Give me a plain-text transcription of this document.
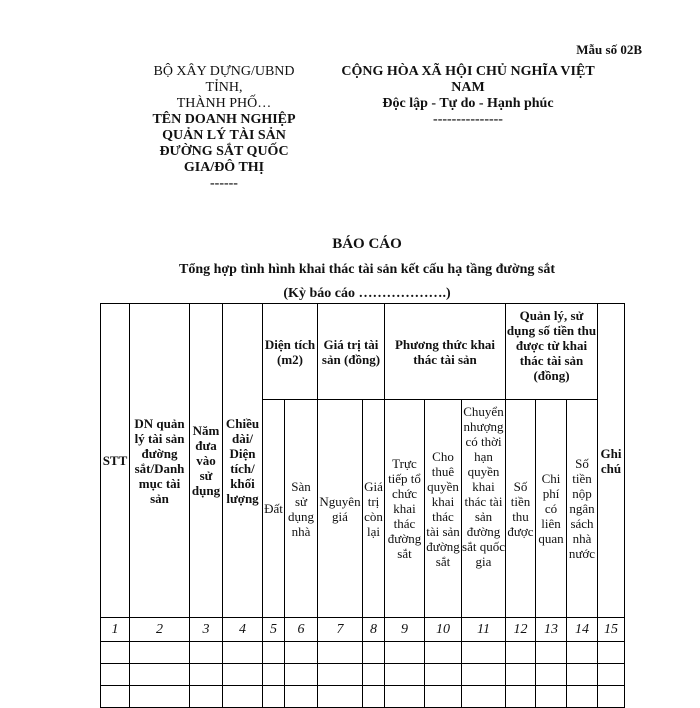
Mẫu số 02B
BỘ XÂY DỰNG/UBND
TỈNH,
THÀNH PHỐ…
TÊN DOANH NGHIỆP
QUẢN LÝ TÀI SẢN
ĐƯỜNG SẮT QUỐC
GIA/ĐÔ THỊ
------
CỘNG HÒA XÃ HỘI CHỦ NGHĨA VIỆT
NAM
Độc lập - Tự do - Hạnh phúc
---------------
BÁO CÁO
Tổng hợp tình hình khai thác tài sản kết cấu hạ tầng đường sắt
(Kỳ báo cáo ……………….)
STT	DN quản lý tài sản đường sắt/Danh mục tài sản	Năm đưa vào sử dụng	Chiều dài/ Diện tích/ khối lượng	Diện tích (m2)		Giá trị tài sản (đồng)		Phương thức khai thác tài sản			Quản lý, sử dụng số tiền thu được từ khai thác tài sản (đồng)			Ghi chú
				Đất	Sàn sử dụng nhà	Nguyên giá	Giá trị còn lại	Trực tiếp tổ chức khai thác đường sắt	Cho thuê quyền khai thác tài sản đường sắt	Chuyển nhượng có thời hạn quyền khai thác tài sản đường sắt quốc gia	Số tiền thu được	Chi phí có liên quan	Số tiền nộp ngân sách nhà nước	
1	2	3	4	5	6	7	8	9	10	11	12	13	14	15
